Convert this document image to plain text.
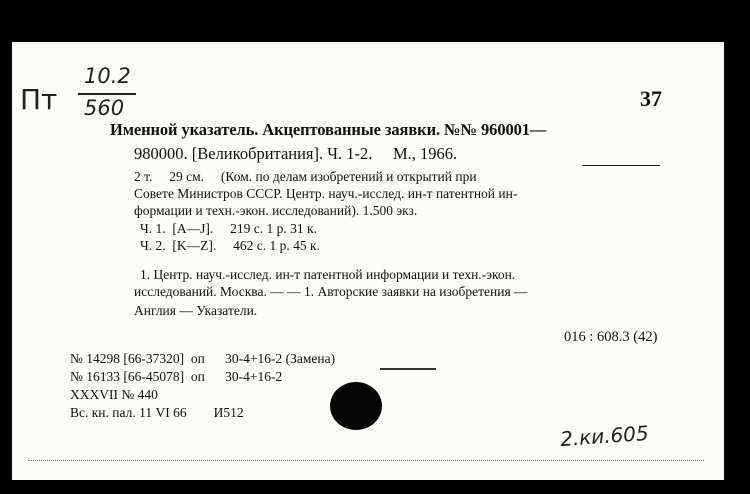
Пт
10.2
560	37
Именной указатель. Акцептованные заявки. №№ 960001—
980000. [Великобритания]. Ч. 1-2.     М., 1966.
2 т.     29 см.     (Ком. по делам изобретений и открытий при
Совете Министров СССР. Центр. науч.-исслед. ин-т патентной ин-
формации и техн.-экон. исследований). 1.500 экз.
Ч. 1.  [A—J].     219 с. 1 р. 31 к.
Ч. 2.  [K—Z].     462 с. 1 р. 45 к.
1. Центр. науч.-исслед. ин-т патентной информации и техн.-экон.
исследований. Москва. — — 1. Авторские заявки на изобретения —
Англия — Указатели.
016 : 608.3 (42)
№ 14298 [66-37320]  оп      30-4+16-2 (Замена)
№ 16133 [66-45078]  оп      30-4+16-2
XXXVII № 440
Вс. кн. пал. 11 VI 66        И512
2.ки.605
